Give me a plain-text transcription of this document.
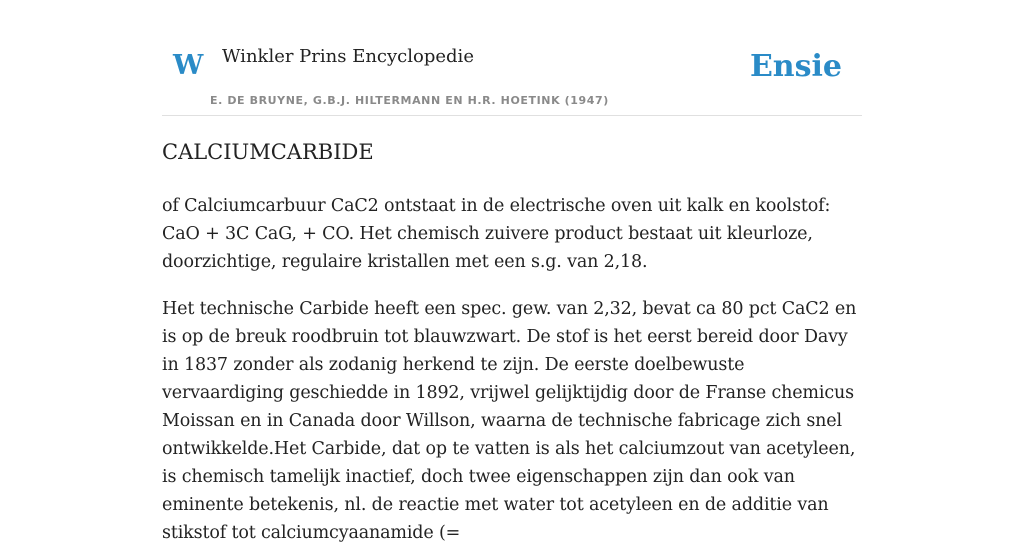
W Winkler Prins Encyclopedie
E. DE BRUYNE, G.B.J. HILTERMANN EN H.R. HOETINK (1947)
Ensie
CALCIUMCARBIDE

of Calciumcarbuur CaC2 ontstaat in de electrische oven uit kalk en koolstof: CaO + 3C CaG, + CO. Het chemisch zuivere product bestaat uit kleurloze, doorzichtige, regulaire kristallen met een s.g. van 2,18.

Het technische Carbide heeft een spec. gew. van 2,32, bevat ca 80 pct CaC2 en is op de breuk roodbruin tot blauwzwart. De stof is het eerst bereid door Davy in 1837 zonder als zodanig herkend te zijn. De eerste doelbewuste vervaardiging geschiedde in 1892, vrijwel gelijktijdig door de Franse chemicus Moissan en in Canada door Willson, waarna de technische fabricage zich snel ontwikkelde.Het Carbide, dat op te vatten is als het calciumzout van acetyleen, is chemisch tamelijk inactief, doch twee eigenschappen zijn dan ook van eminente betekenis, nl. de reactie met water tot acetyleen en de additie van stikstof tot calciumcyaanamide (=
